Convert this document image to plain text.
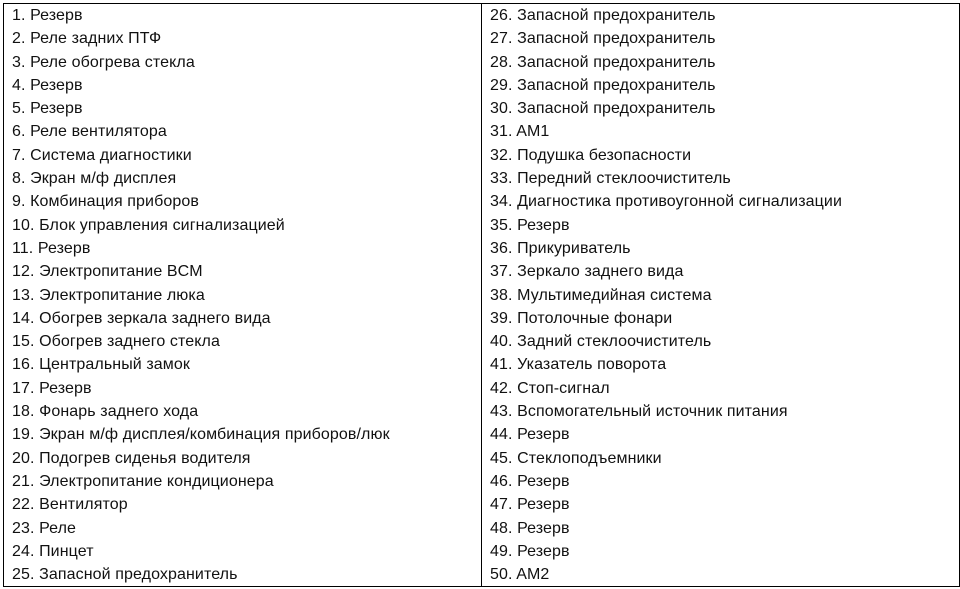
1. Резерв
2. Реле задних ПТФ
3. Реле обогрева стекла
4. Резерв
5. Резерв
6. Реле вентилятора
7. Система диагностики
8. Экран м/ф дисплея
9. Комбинация приборов
10. Блок управления сигнализацией
11. Резерв
12. Электропитание BCM
13. Электропитание люка
14. Обогрев зеркала заднего вида
15. Обогрев заднего стекла
16. Центральный замок
17. Резерв
18. Фонарь заднего хода
19. Экран м/ф дисплея/комбинация приборов/люк
20. Подогрев сиденья водителя
21. Электропитание кондиционера
22. Вентилятор
23. Реле
24. Пинцет
25. Запасной предохранитель

26. Запасной предохранитель
27. Запасной предохранитель
28. Запасной предохранитель
29. Запасной предохранитель
30. Запасной предохранитель
31. AM1
32. Подушка безопасности
33. Передний стеклоочиститель
34. Диагностика противоугонной сигнализации
35. Резерв
36. Прикуриватель
37. Зеркало заднего вида
38. Мультимедийная система
39. Потолочные фонари
40. Задний стеклоочиститель
41. Указатель поворота
42. Стоп-сигнал
43. Вспомогательный источник питания
44. Резерв
45. Стеклоподъемники
46. Резерв
47. Резерв
48. Резерв
49. Резерв
50. AM2
